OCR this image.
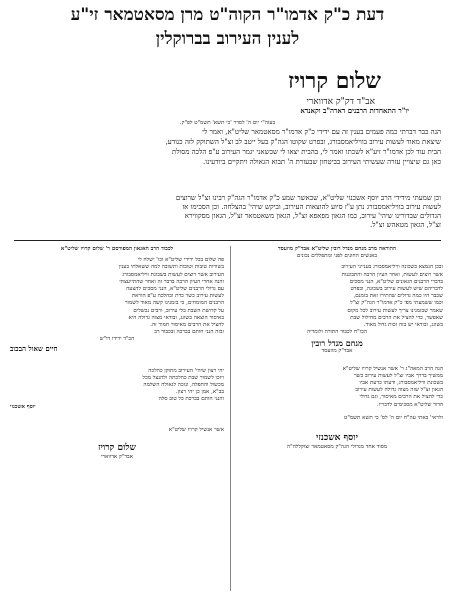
דעת כ"ק אדמו"ר הקוה"ט מרן מסאטמאר זי"ע
לענין העירוב בברוקלין
שלום קרויז
אב"ד דק"ק אדווארי
יו"ר התאחדות הרבנים דארה"ב וקאנדא
בעזה"י יום ה' לסדר 'כי תשא' תשמ"ט לפ"ק.
הנה כבר דברתי כמה פעמים בענין זה עם ידידי כ"ק אדמו"ר מסאטמאר שליט"א, ואמר לי
שיצאת מאוד לעשות עירוב בוויליאמסבורג, ובפרט שקוטו הגה"ק בעל ייטב לב זצ"ל השתוקק לזה כנודע,
הבית עוד לכן אדמו"ר זיע"א לשכתו ואמר לי, בהבית יצאו לי שכשאני יגמר העירוב ע"פ הלכה מסולת
כאן גם שיצויין עזרה שעשיתי העירוב בביטחון שבעזרת ה' תבוא הגאולה ויתקיים ביודעינו.
וכן שמעתי מידידי הרב יוסף אשכנזי שליט"א, שכאשר שמע כ"ק אדמו"ר הגה"ק רבינו זצ"ל שרוצים
לעשות עירוב בוויליאמסבורג נתן ע"ז סיוע להוצאות העירוב, וביקש שיהי' בהצלחה. וכן הסכימו אז
הגדולים שבדורינו שיהי' עירוב, כמו הגאון מפאפא זצ"ל, הגאון משאטמאר זצ"ל, הגאון מסקווירא
זצ"ל, הגאון מטאהש זצ"ל.
ההוראה מרב מנחם מנדל רובין שליט"א אבד"ק מוזעסד
באנשים החונים לפני ומתפללים נכונים
ובכן הנמצא בשכונה וויליאמסבורג בענייני העירוב
אשר רוצים לעשות, ואחר העיון הרבה והתבוננות
בדברי הרבנים הגאונים שליט"א, הנני מסכים
לדבריהם שיש לעשות עירוב בשכונה, ובפרט
שכבר היו כמה גדולים שהתירו זאת בזמנם,
וכמו ששמעתי מפי כ"ק אדמו"ר הגה"ק זצ"ל
שאמר שבזמנינו צריך לעשות עירוב לכל מקום
שאפשר, כדי להציל את הרבים מחילול שבת
בשוגג, ובודאי יש בזה זכות גדול מאוד.
הכו"ח לכבוד התורה ולומדיה
מנחם מנדל רובין
אבד"ק מוזעסד
הנה הרב המאה"ג ר' אשר אנשיל קרויז שליט"א
ממשיך בדרך אביו זצ"ל לעשות עירוב כשר
בשכונת וויליאמסבורג, ודעתו כדעת אביו
הגאון זצ"ל שזה מצוה גדולה לעשות עירוב
כדי להציל את הרבים מאיסור, וגם גדולי
הדור שליט"א מסכימים לדבריו.
ולראי' באתי עה"ח יום ה' לס' כי תשא תשמ"ט
יוסף אשכנזי
מסוד אחד מגדולי הגה"ק מסאטמאר זצוקללה"ה
לכבוד הרב האגאון המפורסם ר' שלום קרויז שליט"א
פה שלום בכל ידידי שליט"א וכו' ישלח לי
בשורות טובות וטובות ותשובה למה ששאלתי בענין
העירוב אשר רוצים לעשות בשכונת וויליאמסבורג
והנה אחרי העיון הרבה בדבר זה ואחר שהתייעצתי
עם גדולי הרבנים שליט"א, הנני מסכים להצעה
לעשות עירוב כשר כדת וכהלכה ע"פ הוראת
הרבנים המומחים, כי בזמנינו קשה מאוד לשמור
על קדושת השבת בלי עירוב, ורבים נכשלים
באיסור הוצאה בשוגג, ובודאי מצוה גדולה היא
להציל את הרבים מאיסור חמור זה.
ובזה הנני חותם בברכה ובכבוד רב
הכ"ד ידידו דו"ש
חיים שאול הבכוב
יהי רצון שיהי' העירוב מתוקן כהלכה
ויזכו לשמור שבת כהלכתה ולהנצל מכל
מכשול והתפלה, ונזכה לגאולה השלמה
בב"א, אמן כן יהי רצון.
והנני חותם בברכת כל טוב סלה
יוסף אשכנזי
אשר אנשיל קרויז שליט"א
שלום קרויז
אבד"ק אדווארי
